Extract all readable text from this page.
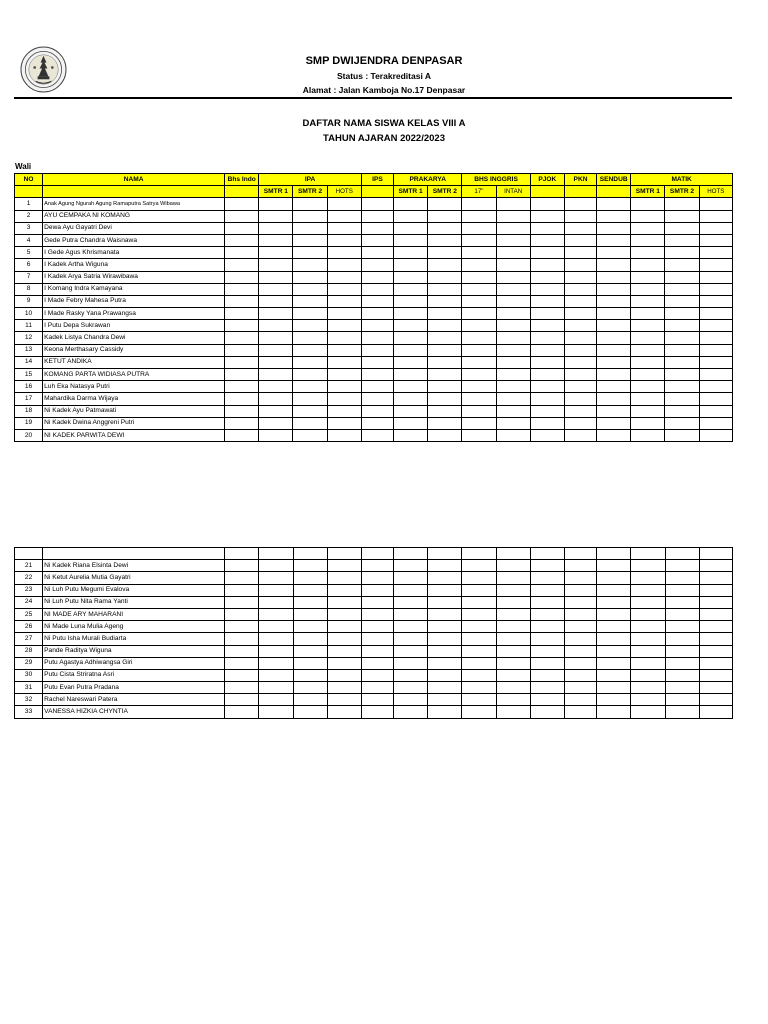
SMP DWIJENDRA DENPASAR
Status : Terakreditasi A
Alamat : Jalan Kamboja No.17 Denpasar
DAFTAR NAMA SISWA KELAS VIII A
TAHUN AJARAN 2022/2023
Wali
NO	NAMA	Bhs Indo	IPA			IPS	PRAKARYA		BHS INGGRIS		PJOK	PKN	SENDUB	MATIK		
			SMTR 1	SMTR 2	HOTS		SMTR 1	SMTR 2	17"	INTAN				SMTR 1	SMTR 2	HOTS
1	Anak Agung Ngurah Agung Ramaputra Satrya Wibawa															
2	AYU CEMPAKA NI KOMANG															
3	Dewa Ayu Gayatri Devi															
4	Gede Putra Chandra Waisnawa															
5	I Gede Agus Khrismanata															
6	I Kadek Artha Wiguna															
7	I Kadek Arya Satria Wirawibawa															
8	I Komang Indra Kamayana															
9	I Made Febry Mahesa Putra															
10	I Made Rasky Yana Prawangsa															
11	I Putu Depa Sukrawan															
12	Kadek Listya Chandra Dewi															
13	Keona Merthasary Cassidy															
14	KETUT ANDIKA															
15	KOMANG PARTA WIDIASA PUTRA															
16	Luh Eka Natasya Putri															
17	Mahardika Darma Wijaya															
18	Ni Kadek Ayu Patmawati															
19	Ni Kadek Dwina Anggreni Putri															
20	NI KADEK PARWITA DEWI															

21	Ni Kadek Riana Elsinta Dewi															
22	Ni Ketut Aurelia Mutia Gayatri															
23	Ni Luh Putu Megumi Evalova															
24	Ni Luh Putu Nita Rama Yanti															
25	NI MADE ARY MAHARANI															
26	Ni Made Luna Mulia Ageng															
27	Ni Putu Isha Murali Budiarta															
28	Pande Raditya Wiguna															
29	Putu Agastya Adhiwangsa Giri															
30	Putu Cista Striratna Asri															
31	Putu Evan Putra Pradana															
32	Rachel Nareswari Patera															
33	VANESSA HIZKIA CHYNTIA															
